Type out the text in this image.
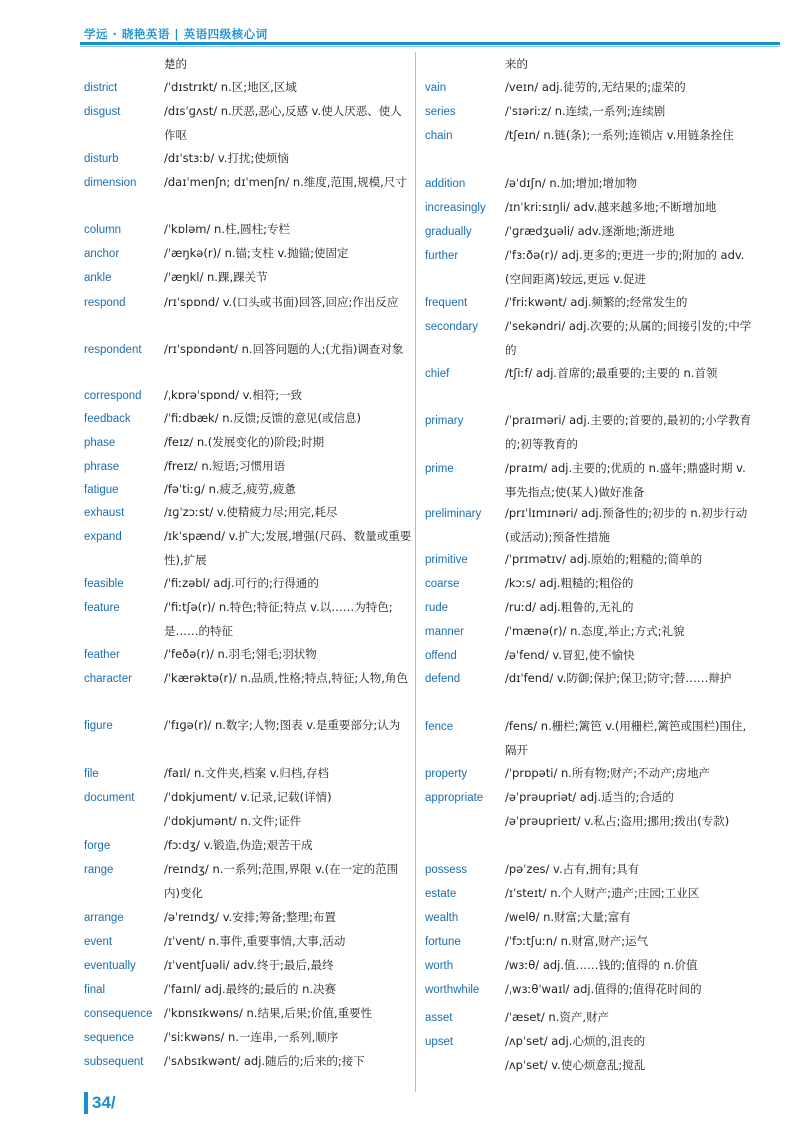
学远 · 晓艳英语 | 英语四级核心词
楚的
district	/ˈdɪstrɪkt/ n.区;地区,区域
disgust	/dɪsˈɡʌst/ n.厌恶,恶心,反感 v.使人厌恶、使人作呕
disturb	/dɪˈstɜːb/ v.打扰;使烦恼
dimension	/daɪˈmenʃn; dɪˈmenʃn/ n.维度,范围,规模,尺寸
column	/ˈkɒləm/ n.柱,圆柱;专栏
anchor	/ˈæŋkə(r)/ n.锚;支柱 v.抛锚;使固定
ankle	/ˈæŋkl/ n.踝,踝关节
respond	/rɪˈspɒnd/ v.(口头或书面)回答,回应;作出反应
respondent	/rɪˈspɒndənt/ n.回答问题的人;(尤指)调查对象
correspond	/ˌkɒrəˈspɒnd/ v.相符;一致
feedback	/ˈfiːdbæk/ n.反馈;反馈的意见(或信息)
phase	/feɪz/ n.(发展变化的)阶段;时期
phrase	/freɪz/ n.短语;习惯用语
fatigue	/fəˈtiːɡ/ n.疲乏,疲劳,疲惫
exhaust	/ɪɡˈzɔːst/ v.使精疲力尽;用完,耗尽
expand	/ɪkˈspænd/ v.扩大;发展,增强(尺码、数量或重要性),扩展
feasible	/ˈfiːzəbl/ adj.可行的;行得通的
feature	/ˈfiːtʃə(r)/ n.特色;特征;特点 v.以……为特色;是……的特征
feather	/ˈfeðə(r)/ n.羽毛;翎毛;羽状物
character	/ˈkærəktə(r)/ n.品质,性格;特点,特征;人物,角色
figure	/ˈfɪɡə(r)/ n.数字;人物;图表 v.是重要部分;认为
file	/faɪl/ n.文件夹,档案 v.归档,存档
document	/ˈdɒkjument/ v.记录,记载(详情)
/ˈdɒkjumənt/ n.文件;证件
forge	/fɔːdʒ/ v.锻造,伪造;艰苦干成
range	/reɪndʒ/ n.一系列;范围,界限 v.(在一定的范围内)变化
arrange	/əˈreɪndʒ/ v.安排;筹备;整理;布置
event	/ɪˈvent/ n.事件,重要事情,大事,活动
eventually	/ɪˈventʃuəli/ adv.终于;最后,最终
final	/ˈfaɪnl/ adj.最终的;最后的 n.决赛
consequence	/ˈkɒnsɪkwəns/ n.结果,后果;价值,重要性
sequence	/ˈsiːkwəns/ n.一连串,一系列,顺序
subsequent	/ˈsʌbsɪkwənt/ adj.随后的;后来的;接下
来的
vain	/veɪn/ adj.徒劳的,无结果的;虚荣的
series	/ˈsɪəriːz/ n.连续,一系列;连续剧
chain	/tʃeɪn/ n.链(条);一系列;连锁店 v.用链条拴住
addition	/əˈdɪʃn/ n.加;增加;增加物
increasingly	/ɪnˈkriːsɪŋli/ adv.越来越多地;不断增加地
gradually	/ˈɡrædʒuəli/ adv.逐渐地;渐进地
further	/ˈfɜːðə(r)/ adj.更多的;更进一步的;附加的 adv.(空间距离)较远,更远 v.促进
frequent	/ˈfriːkwənt/ adj.频繁的;经常发生的
secondary	/ˈsekəndri/ adj.次要的;从属的;间接引发的;中学的
chief	/tʃiːf/ adj.首席的;最重要的;主要的 n.首领
primary	/ˈpraɪməri/ adj.主要的;首要的,最初的;小学教育的;初等教育的
prime	/praɪm/ adj.主要的;优质的 n.盛年;鼎盛时期 v.事先指点;使(某人)做好准备
preliminary	/prɪˈlɪmɪnəri/ adj.预备性的;初步的 n.初步行动(或活动);预备性措施
primitive	/ˈprɪmətɪv/ adj.原始的;粗糙的;简单的
coarse	/kɔːs/ adj.粗糙的;粗俗的
rude	/ruːd/ adj.粗鲁的,无礼的
manner	/ˈmænə(r)/ n.态度,举止;方式;礼貌
offend	/əˈfend/ v.冒犯,使不愉快
defend	/dɪˈfend/ v.防御;保护;保卫;防守;替……辩护
fence	/fens/ n.栅栏;篱笆 v.(用栅栏,篱笆或围栏)围住,隔开
property	/ˈprɒpəti/ n.所有物;财产;不动产;房地产
appropriate	/əˈprəupriət/ adj.适当的;合适的
/əˈprəuprieɪt/ v.私占;盗用;挪用;拨出(专款)
possess	/pəˈzes/ v.占有,拥有;具有
estate	/ɪˈsteɪt/ n.个人财产;遗产;庄园;工业区
wealth	/welθ/ n.财富;大量;富有
fortune	/ˈfɔːtʃuːn/ n.财富,财产;运气
worth	/wɜːθ/ adj.值……钱的;值得的 n.价值
worthwhile	/ˌwɜːθˈwaɪl/ adj.值得的;值得花时间的
asset	/ˈæset/ n.资产,财产
upset	/ʌpˈset/ adj.心烦的,沮丧的
/ʌpˈset/ v.使心烦意乱;搅乱
34/
